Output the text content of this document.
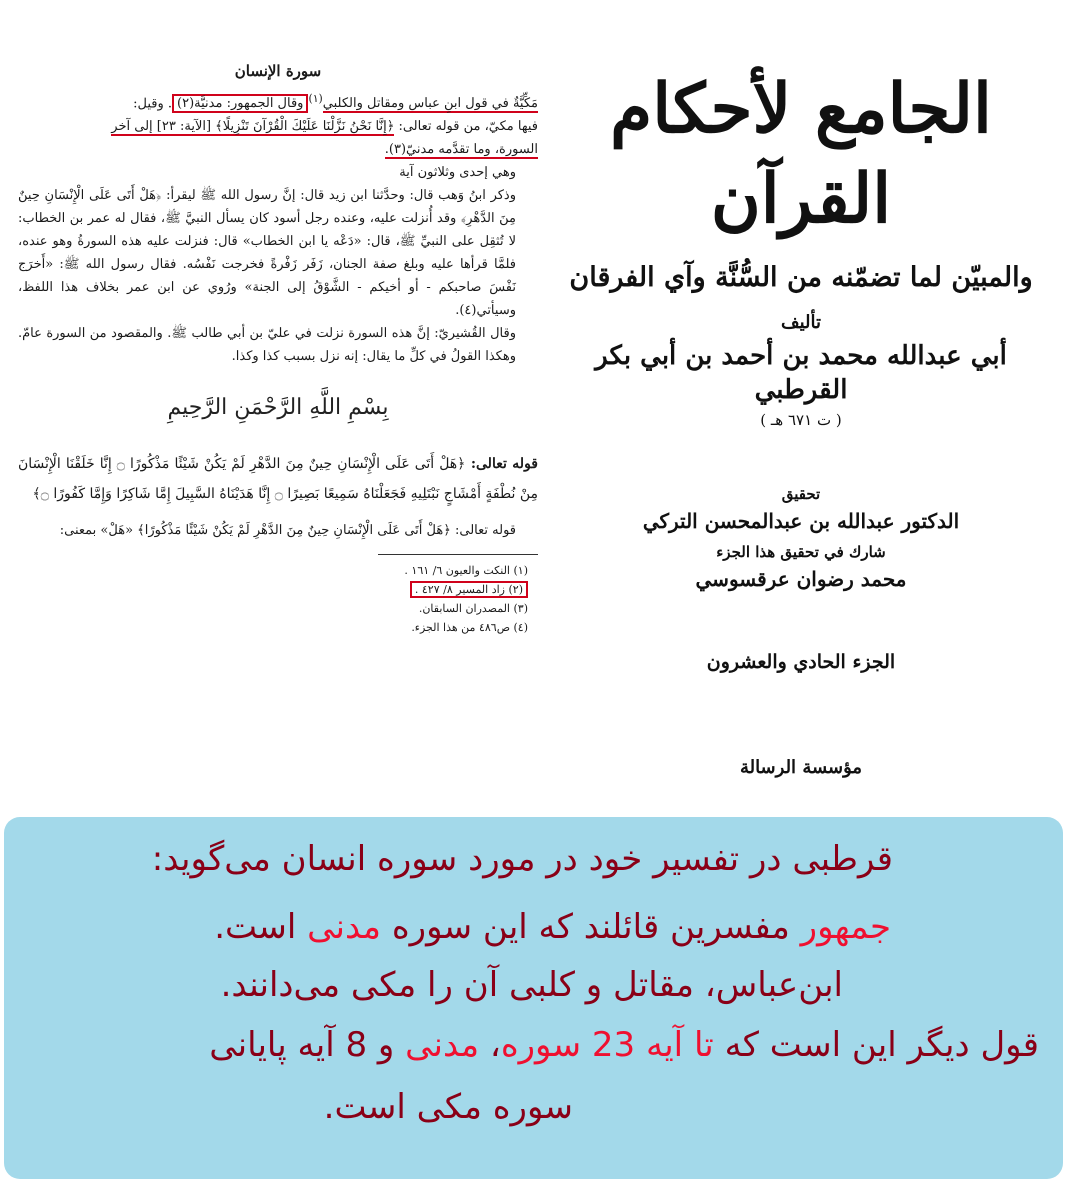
سورة الإنسان

مَكِّيَّةٌ في قول ابنِ عباس ومقاتل والكلبي$^{(١)}$وقال الجمهور: مدنيَّة(٢). وقيل:

فيها مكيّ، من قوله تعالى: ﴿إِنَّا نَحْنُ نَزَّلْنَا عَلَيْكَ الْقُرْآنَ تَنْزِيلًا﴾ [الآية: ٢٣] إلى آخر

السورة، وما تقدَّمه مدنيّ(٣).

وهي إحدى وثلاثون آية

وذكر ابنُ وَهب قال: وحدَّثنا ابن زيد قال: إنَّ رسول الله ﷺ ليقرأ: ﴿هَلْ أَتَى عَلَى الْإِنْسَانِ حِينٌ مِنَ الدَّهْرِ﴾ وقد أُنزلت عليه، وعنده رجل أسود كان يسأل النبيَّ ﷺ، فقال له عمر بن الخطاب: لا تُثقِل على النبيِّ ﷺ، قال: «دَعْه يا ابن الخطاب» قال: فنزلت عليه هذه السورةُ وهو عنده، فلمَّا قرأها عليه وبلغ صفة الجنان، زَفَر زَفْرةً فخرجت نَفْسُه. فقال رسول الله ﷺ: «أَخرَج نَفْسَ صاحبكم - أو أخيكم - الشَّوْقُ إلى الجنة» ورُوي عن ابن عمر بخلاف هذا اللفظ، وسيأتي(٤).

وقال القُشيريّ: إنَّ هذه السورة نزلت في عليّ بن أبي طالب ﷺ. والمقصود من السورة عامّ. وهكذا القولُ في كلِّ ما يقال: إنه نزل بسبب كذا وكذا.

بِسْمِ اللَّهِ الرَّحْمَنِ الرَّحِيمِ

قوله تعالى: ﴿هَلْ أَتَى عَلَى الْإِنْسَانِ حِينٌ مِنَ الدَّهْرِ لَمْ يَكُنْ شَيْئًا مَذْكُورًا ۝ إِنَّا خَلَقْنَا الْإِنْسَانَ مِنْ نُطْفَةٍ أَمْشَاجٍ نَبْتَلِيهِ فَجَعَلْنَاهُ سَمِيعًا بَصِيرًا ۝ إِنَّا هَدَيْنَاهُ السَّبِيلَ إِمَّا شَاكِرًا وَإِمَّا كَفُورًا ۝﴾

قوله تعالى: ﴿هَلْ أَتَى عَلَى الْإِنْسَانِ حِينٌ مِنَ الدَّهْرِ لَمْ يَكُنْ شَيْئًا مَذْكُورًا﴾ «هَلْ» بمعنى:

(١) النكت والعيون ٦/ ١٦١ .
(٢) زاد المسير ٨/ ٤٢٧ .
(٣) المصدران السابقان.
(٤) ص٤٨٦ من هذا الجزء.
الجامع لأحكام القرآن
والمبيّن لما تضمّنه من السُّنَّة وآي الفرقان
تأليف
أبي عبدالله محمد بن أحمد بن أبي بكر القرطبي
( ت ٦٧١ هـ )
تحقيق
الدكتور عبدالله بن عبدالمحسن التركي
شارك في تحقيق هذا الجزء
محمد رضوان عرقسوسي
الجزء الحادي والعشرون
مؤسسة الرسالة
قرطبی در تفسیر خود در مورد سوره انسان می‌گوید:
جمهور مفسرین قائلند که این سوره مدنی است.
ابن‌عباس، مقاتل و کلبی آن را مکی می‌دانند.
قول دیگر این است که تا آیه 23 سوره، مدنی و 8 آیه پایانی
سوره مکی است.
